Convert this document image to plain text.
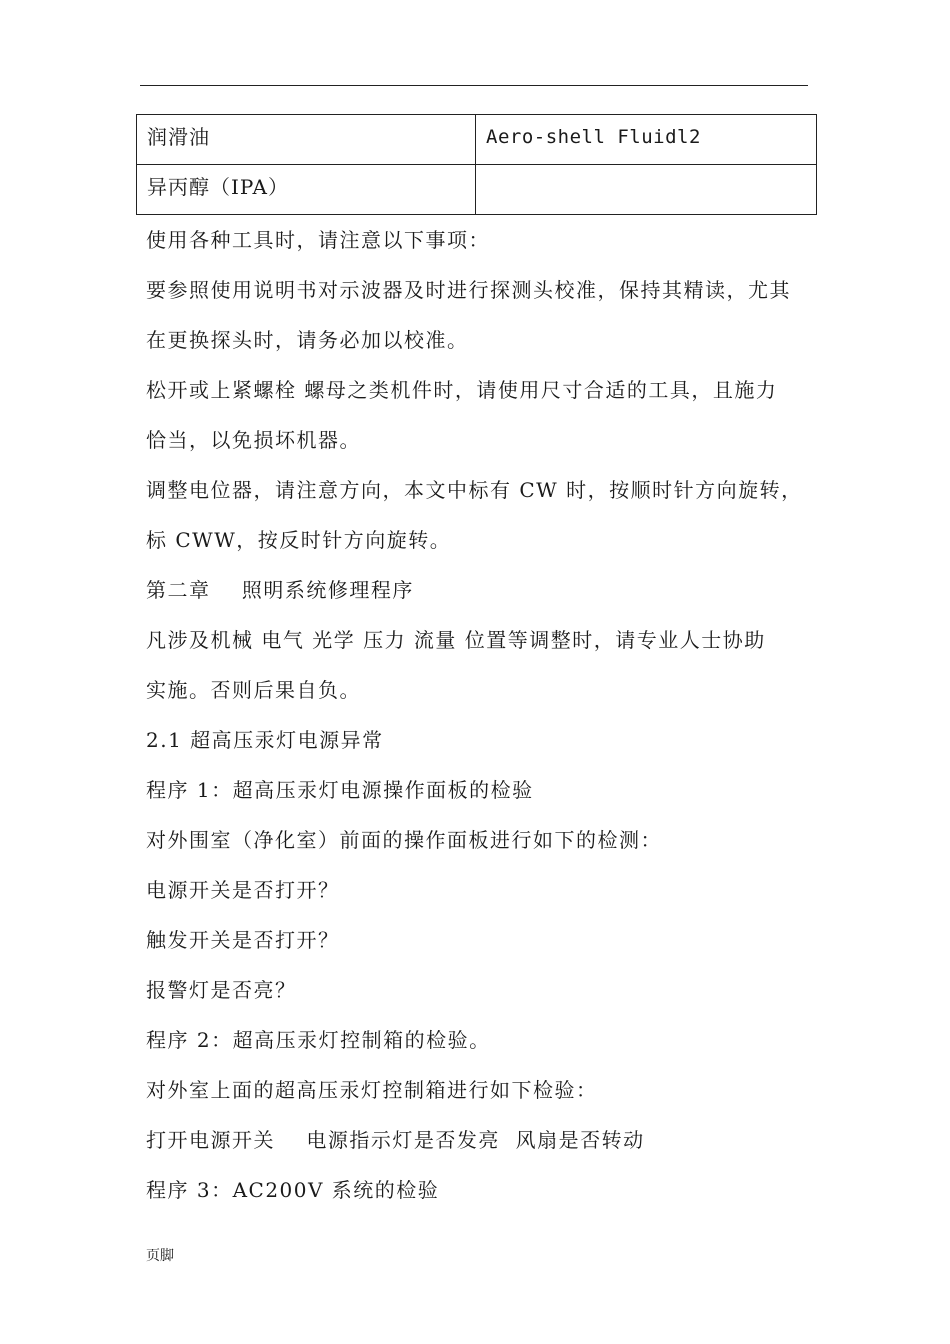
润滑油	Aero-shell Fluidl2
异丙醇（IPA）	
使用各种工具时，请注意以下事项：
要参照使用说明书对示波器及时进行探测头校准，保持其精读，尤其
在更换探头时，请务必加以校准。
松开或上紧螺栓 螺母之类机件时，请使用尺寸合适的工具，且施力
恰当，以免损坏机器。
调整电位器，请注意方向，本文中标有 CW 时，按顺时针方向旋转，
标 CWW，按反时针方向旋转。
第二章    照明系统修理程序
凡涉及机械 电气 光学 压力 流量 位置等调整时，请专业人士协助
实施。否则后果自负。
2.1 超高压汞灯电源异常
程序 1：超高压汞灯电源操作面板的检验
对外围室（净化室）前面的操作面板进行如下的检测：
电源开关是否打开？
触发开关是否打开？
报警灯是否亮？
程序 2：超高压汞灯控制箱的检验。
对外室上面的超高压汞灯控制箱进行如下检验：
打开电源开关    电源指示灯是否发亮  风扇是否转动
程序 3：AC200V 系统的检验
页脚
